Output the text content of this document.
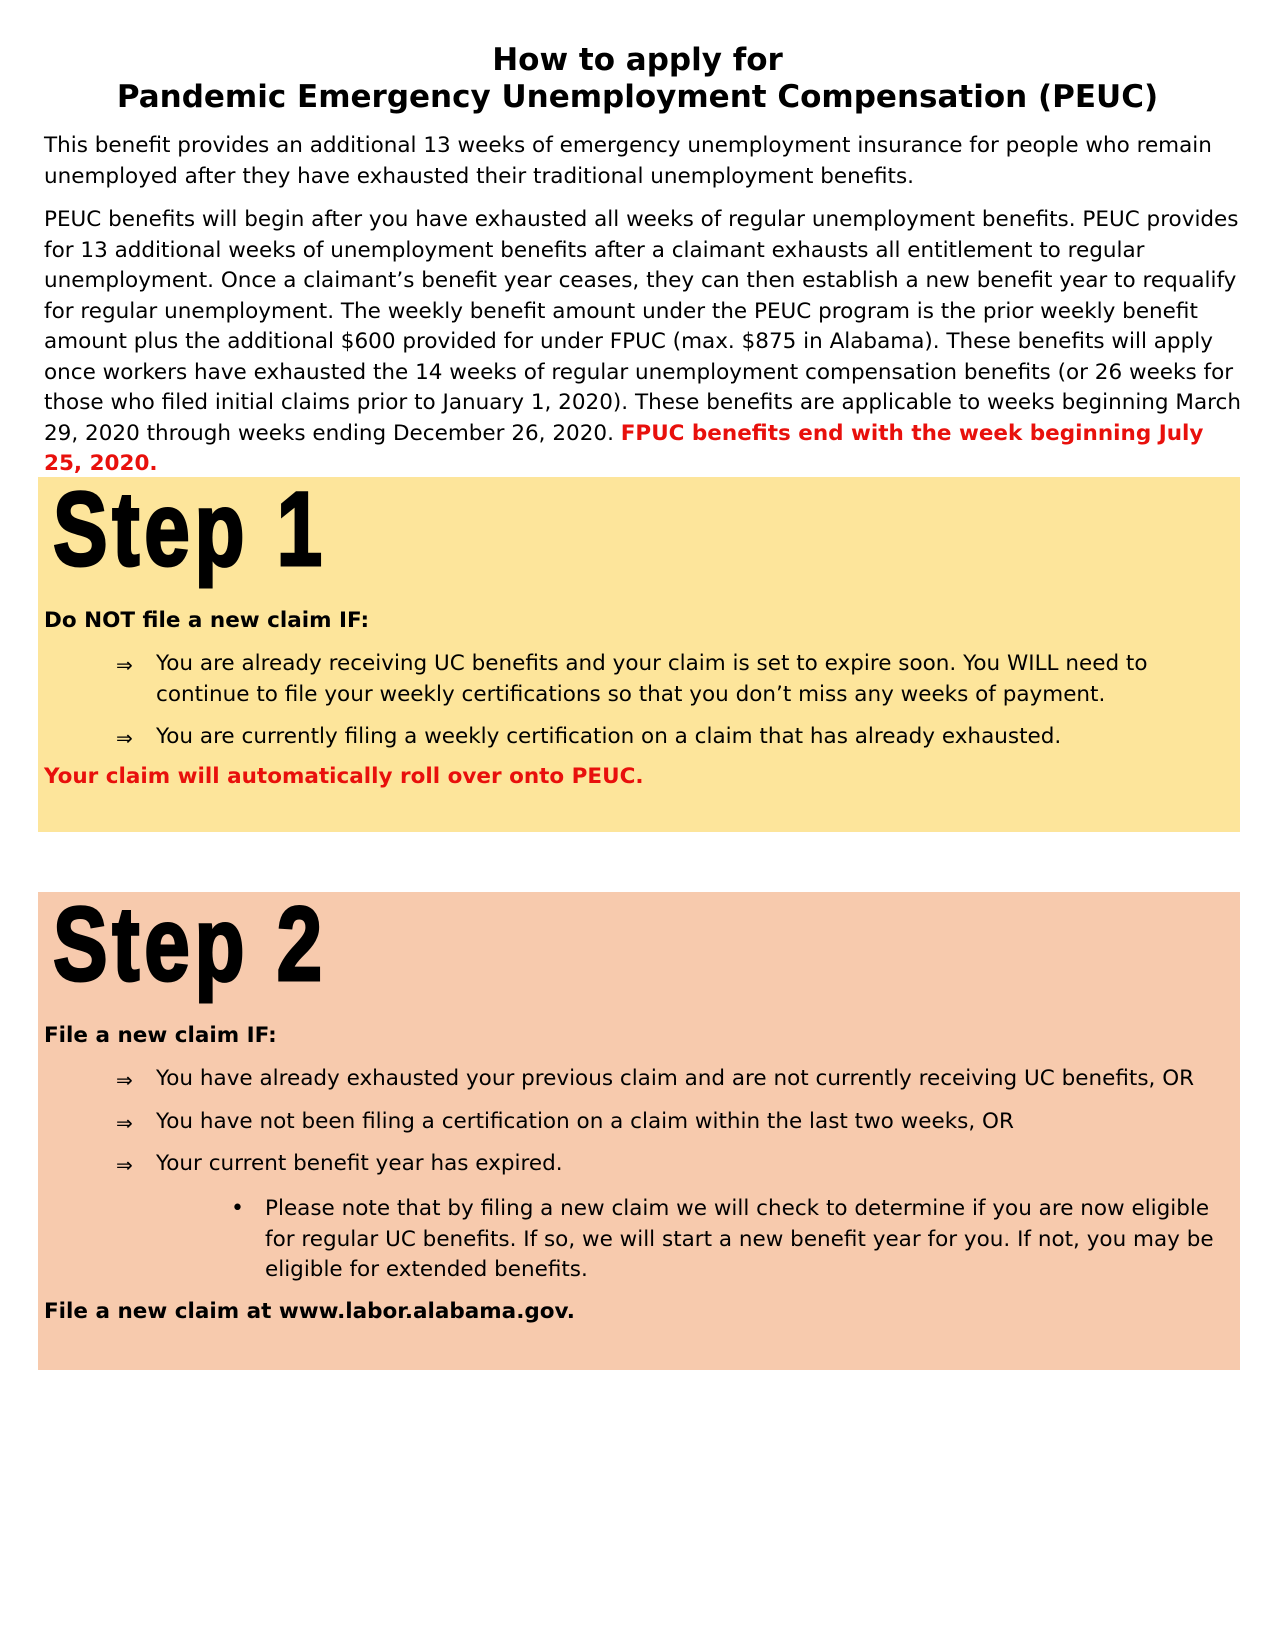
How to apply for
Pandemic Emergency Unemployment Compensation (PEUC)
This benefit provides an additional 13 weeks of emergency unemployment insurance for people who remain unemployed after they have exhausted their traditional unemployment benefits.
PEUC benefits will begin after you have exhausted all weeks of regular unemployment benefits. PEUC provides for 13 additional weeks of unemployment benefits after a claimant exhausts all entitlement to regular unemployment. Once a claimant’s benefit year ceases, they can then establish a new benefit year to requalify for regular unemployment. The weekly benefit amount under the PEUC program is the prior weekly benefit amount plus the additional $600 provided for under FPUC (max. $875 in Alabama). These benefits will apply once workers have exhausted the 14 weeks of regular unemployment compensation benefits (or 26 weeks for those who filed initial claims prior to January 1, 2020). These benefits are applicable to weeks beginning March 29, 2020 through weeks ending December 26, 2020. FPUC benefits end with the week beginning July 25, 2020.
Step 1
Do NOT file a new claim IF:
⇒ You are already receiving UC benefits and your claim is set to expire soon. You WILL need to continue to file your weekly certifications so that you don’t miss any weeks of payment.
⇒ You are currently filing a weekly certification on a claim that has already exhausted.
Your claim will automatically roll over onto PEUC.
Step 2
File a new claim IF:
⇒ You have already exhausted your previous claim and are not currently receiving UC benefits, OR
⇒ You have not been filing a certification on a claim within the last two weeks, OR
⇒ Your current benefit year has expired.
• Please note that by filing a new claim we will check to determine if you are now eligible for regular UC benefits. If so, we will start a new benefit year for you. If not, you may be eligible for extended benefits.
File a new claim at www.labor.alabama.gov.
